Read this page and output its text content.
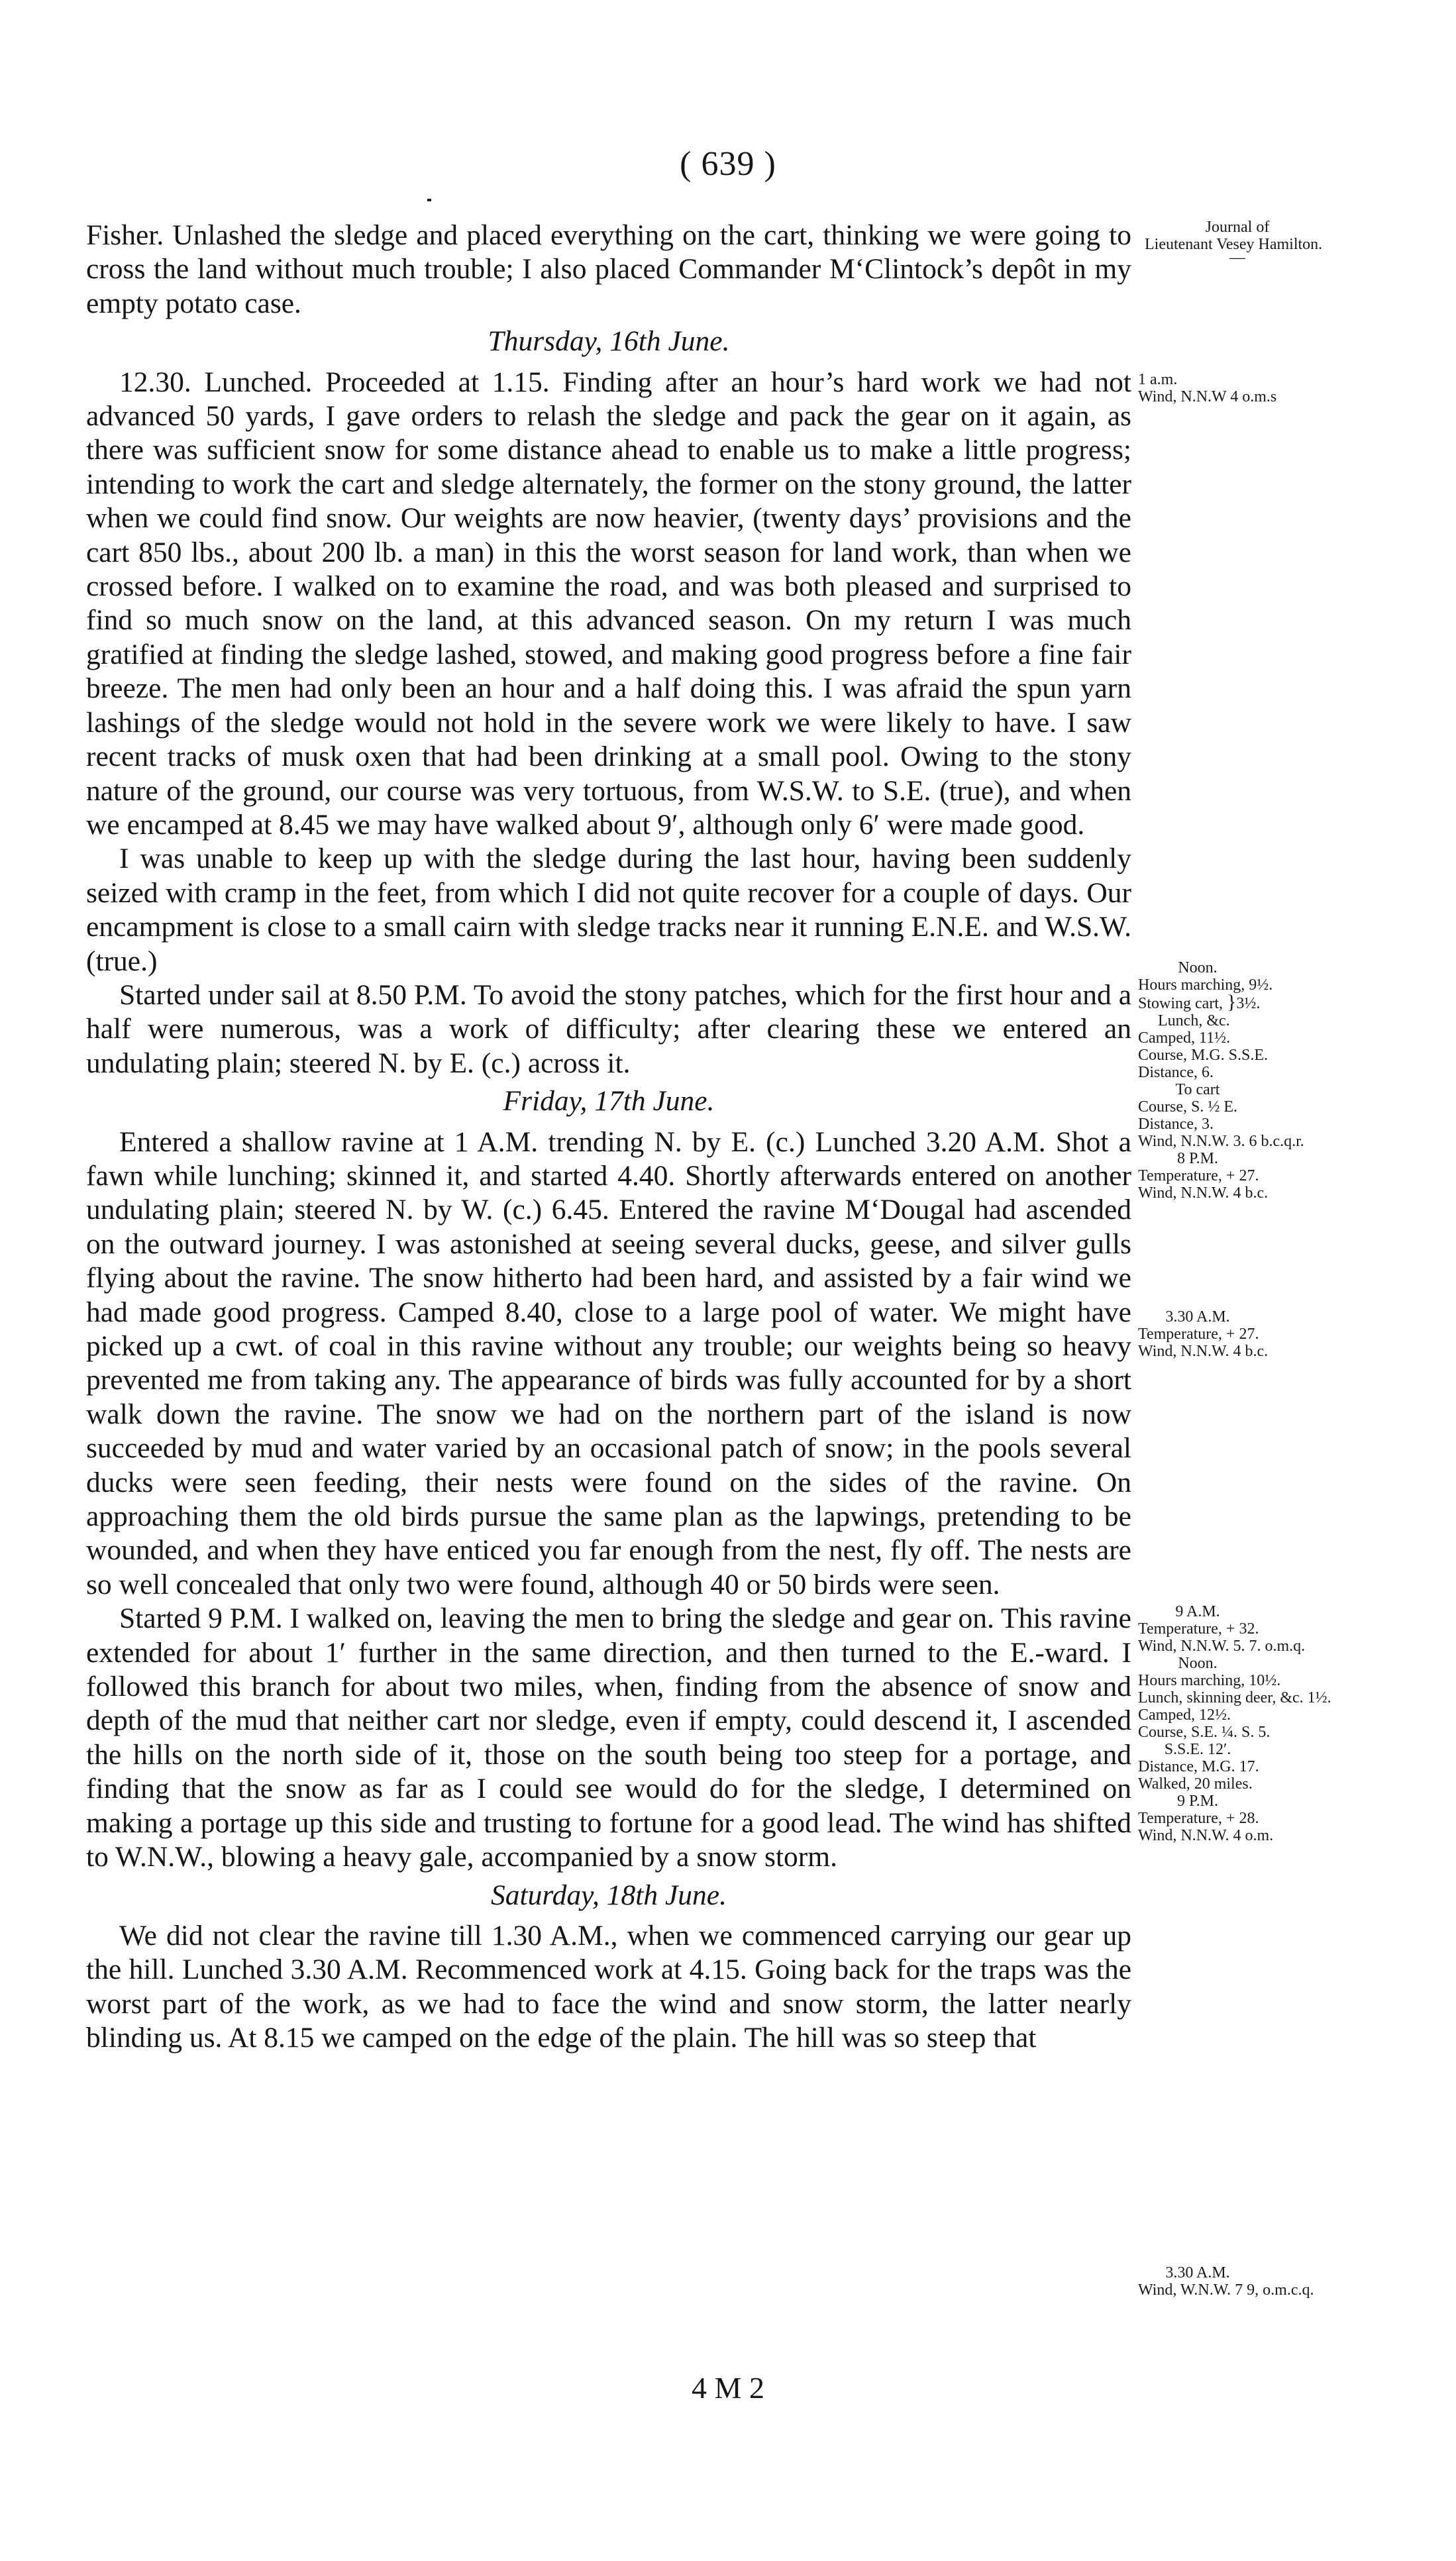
( 639 )
Journal of
Lieutenant Vesey Hamilton.
—

Fisher. Unlashed the sledge and placed everything on the cart, thinking we were going to cross the land without much trouble; I also placed Commander M‘Clintock’s depôt in my empty potato case.

Thursday, 16th June.

12.30. Lunched. Proceeded at 1.15. Finding after an hour’s hard work we had not advanced 50 yards, I gave orders to relash the sledge and pack the gear on it again, as there was sufficient snow for some distance ahead to enable us to make a little progress; intending to work the cart and sledge alternately, the former on the stony ground, the latter when we could find snow. Our weights are now heavier, (twenty days’ provisions and the cart 850 lbs., about 200 lb. a man) in this the worst season for land work, than when we crossed before. I walked on to examine the road, and was both pleased and surprised to find so much snow on the land, at this advanced season. On my return I was much gratified at finding the sledge lashed, stowed, and making good progress before a fine fair breeze. The men had only been an hour and a half doing this. I was afraid the spun yarn lashings of the sledge would not hold in the severe work we were likely to have. I saw recent tracks of musk oxen that had been drinking at a small pool. Owing to the stony nature of the ground, our course was very tortuous, from W.S.W. to S.E. (true), and when we encamped at 8.45 we may have walked about 9′, although only 6′ were made good.

I was unable to keep up with the sledge during the last hour, having been suddenly seized with cramp in the feet, from which I did not quite recover for a couple of days. Our encampment is close to a small cairn with sledge tracks near it running E.N.E. and W.S.W. (true.)

Started under sail at 8.50 P.M. To avoid the stony patches, which for the first hour and a half were numerous, was a work of difficulty; after clearing these we entered an undulating plain; steered N. by E. (c.) across it.

Friday, 17th June.

Entered a shallow ravine at 1 A.M. trending N. by E. (c.) Lunched 3.20 A.M. Shot a fawn while lunching; skinned it, and started 4.40. Shortly afterwards entered on another undulating plain; steered N. by W. (c.) 6.45. Entered the ravine M‘Dougal had ascended on the outward journey. I was astonished at seeing several ducks, geese, and silver gulls flying about the ravine. The snow hitherto had been hard, and assisted by a fair wind we had made good progress. Camped 8.40, close to a large pool of water. We might have picked up a cwt. of coal in this ravine without any trouble; our weights being so heavy prevented me from taking any. The appearance of birds was fully accounted for by a short walk down the ravine. The snow we had on the northern part of the island is now succeeded by mud and water varied by an occasional patch of snow; in the pools several ducks were seen feeding, their nests were found on the sides of the ravine. On approaching them the old birds pursue the same plan as the lapwings, pretending to be wounded, and when they have enticed you far enough from the nest, fly off. The nests are so well concealed that only two were found, although 40 or 50 birds were seen.

Started 9 P.M. I walked on, leaving the men to bring the sledge and gear on. This ravine extended for about 1′ further in the same direction, and then turned to the E.-ward. I followed this branch for about two miles, when, finding from the absence of snow and depth of the mud that neither cart nor sledge, even if empty, could descend it, I ascended the hills on the north side of it, those on the south being too steep for a portage, and finding that the snow as far as I could see would do for the sledge, I determined on making a portage up this side and trusting to fortune for a good lead. The wind has shifted to W.N.W., blowing a heavy gale, accompanied by a snow storm.

Saturday, 18th June.

We did not clear the ravine till 1.30 A.M., when we commenced carrying our gear up the hill. Lunched 3.30 A.M. Recommenced work at 4.15. Going back for the traps was the worst part of the work, as we had to face the wind and snow storm, the latter nearly blinding us. At 8.15 we camped on the edge of the plain. The hill was so steep that

1 a.m.
Wind, N.N.W 4 o.m.s
Noon.
Hours marching, 9½.
Stowing cart, }3½.
Lunch, &c.
Camped, 11½.
Course, M.G. S.S.E.
Distance, 6.
To cart
Course, S. ½ E.
Distance, 3.
Wind, N.N.W. 3. 6 b.c.q.r.
8 P.M.
Temperature, + 27.
Wind, N.N.W. 4 b.c.
3.30 A.M.
Temperature, + 27.
Wind, N.N.W. 4 b.c.
9 A.M.
Temperature, + 32.
Wind, N.N.W. 5. 7. o.m.q.
Noon.
Hours marching, 10½.
Lunch, skinning deer, &c. 1½.
Camped, 12½.
Course, S.E. ¼. S. 5.
S.S.E. 12′.
Distance, M.G. 17.
Walked, 20 miles.
9 P.M.
Temperature, + 28.
Wind, N.N.W. 4 o.m.
3.30 A.M.
Wind, W.N.W. 7 9, o.m.c.q.
4 M 2
